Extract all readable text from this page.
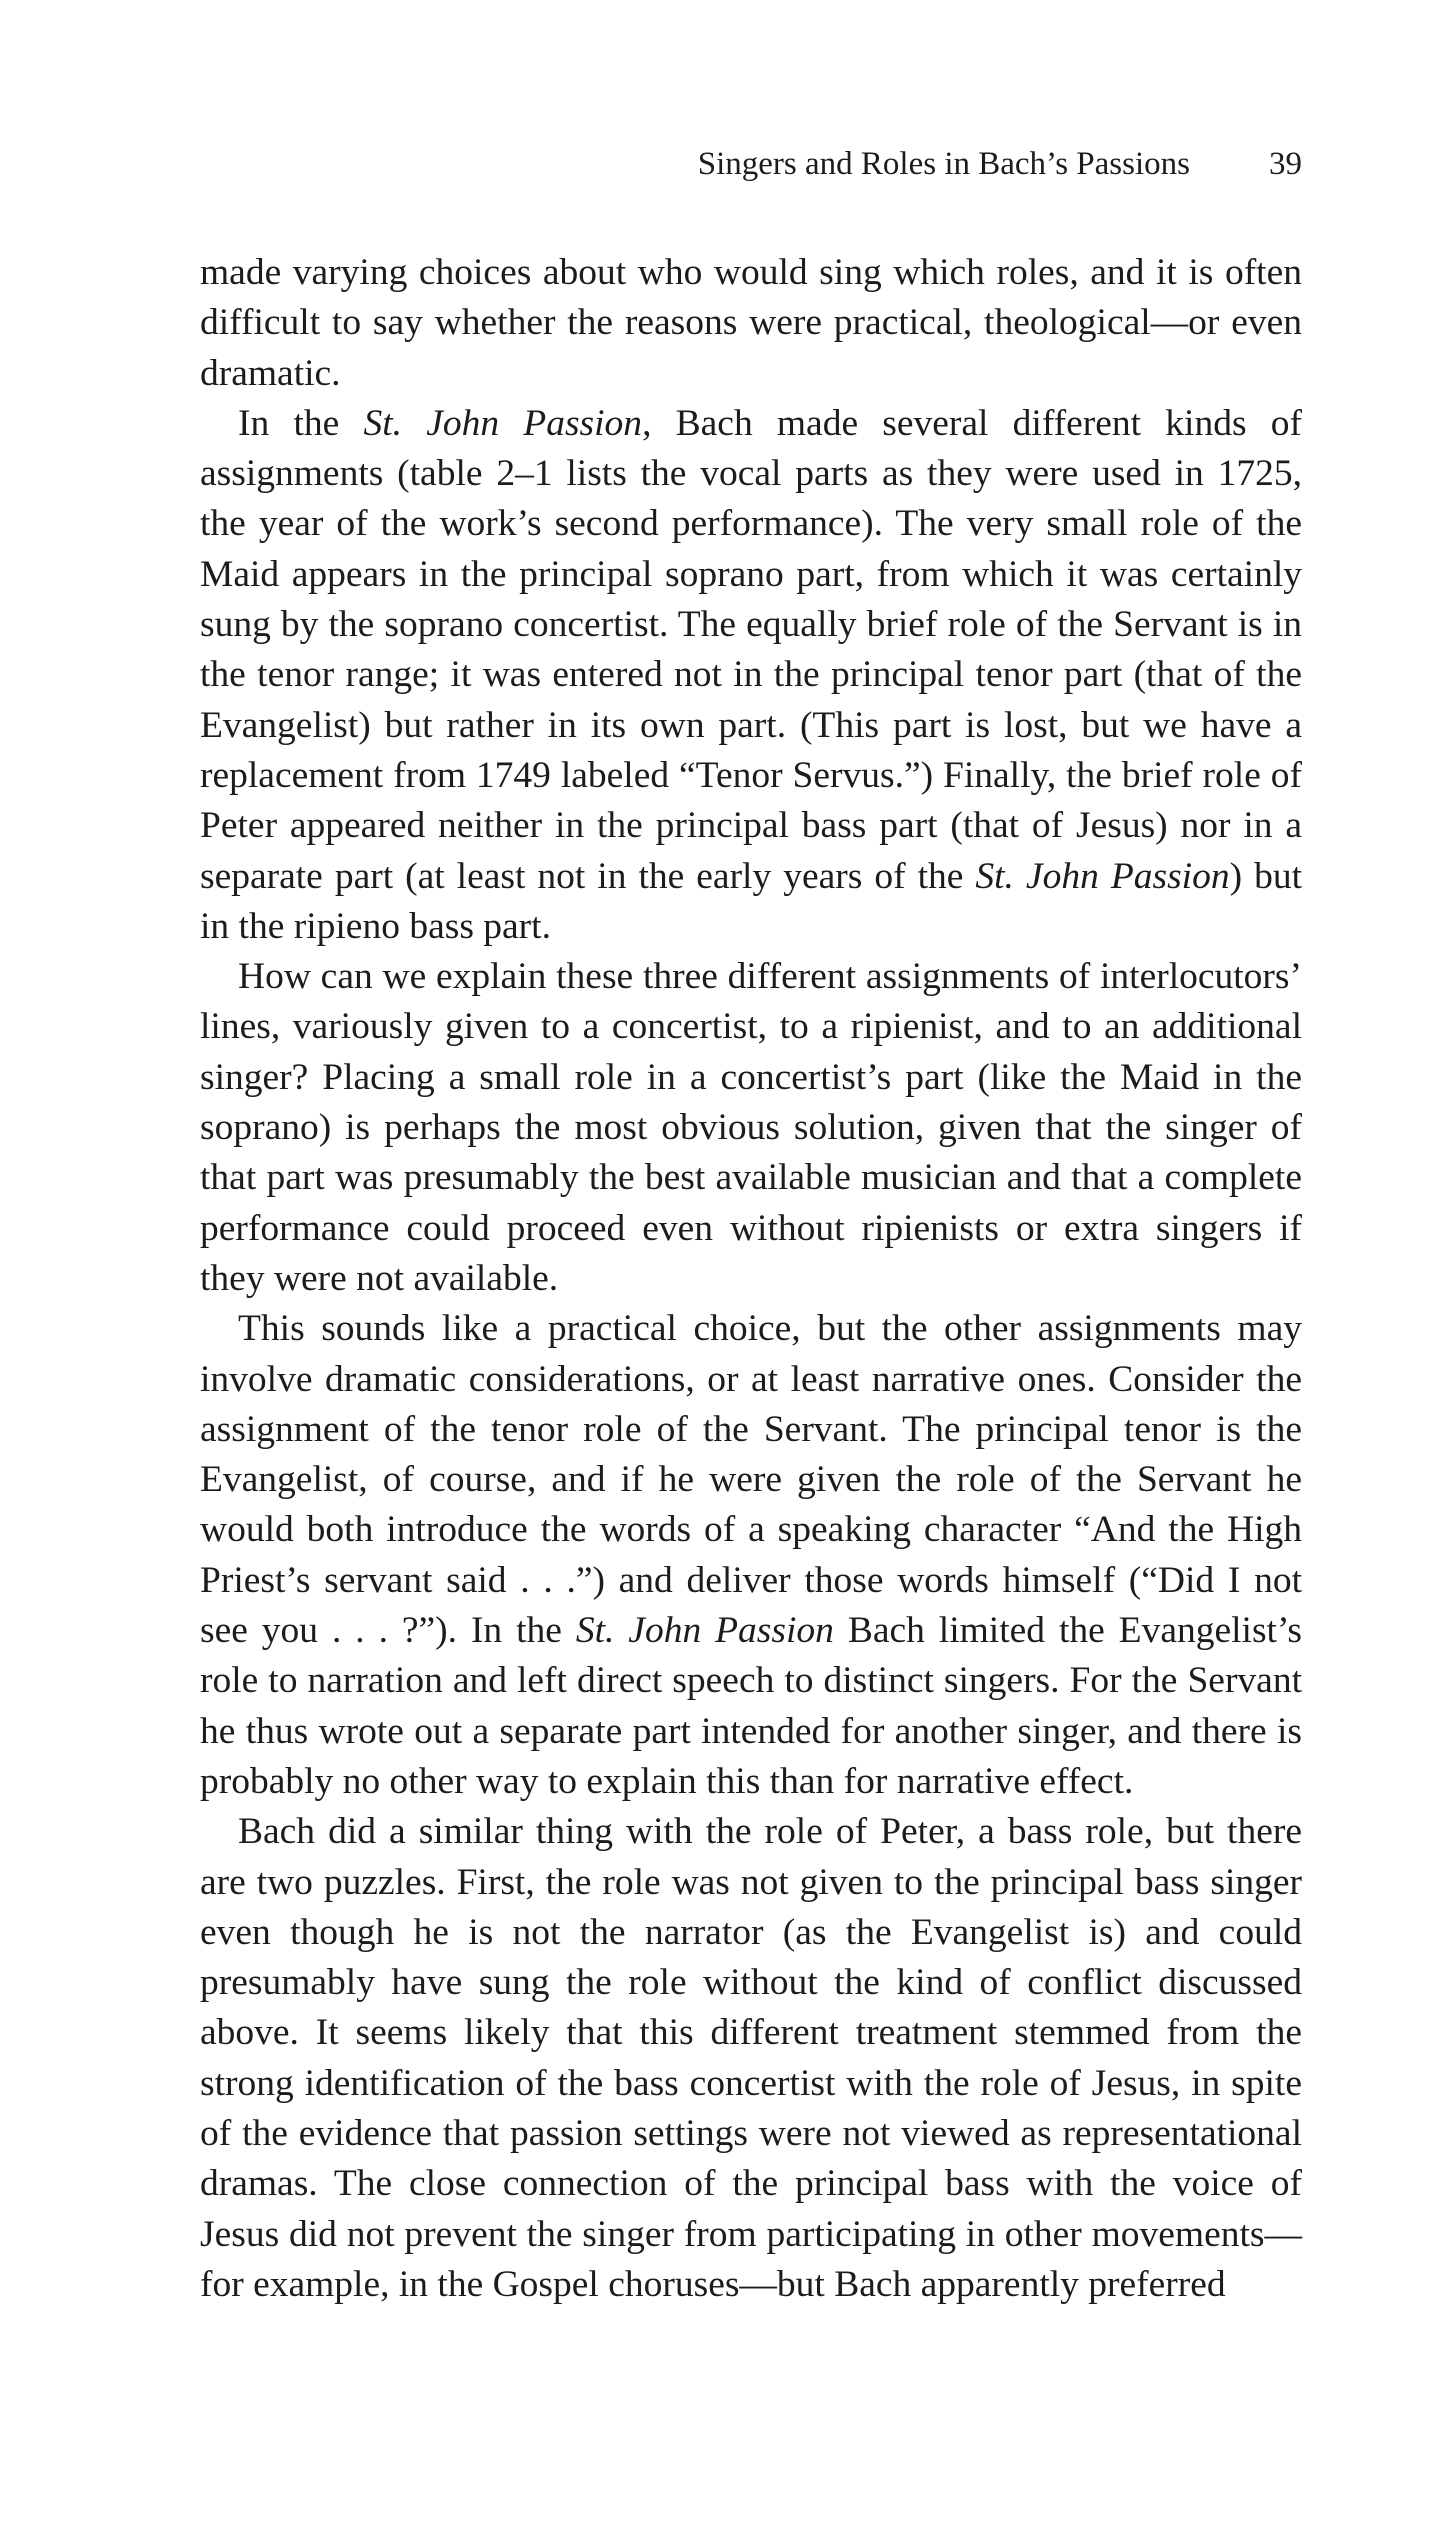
Singers and Roles in Bach’s Passions 39

made varying choices about who would sing which roles, and it is often difficult to say whether the reasons were practical, theological—or even dramatic.

In the St. John Passion, Bach made several different kinds of assignments (table 2–1 lists the vocal parts as they were used in 1725, the year of the work’s second performance). The very small role of the Maid appears in the principal soprano part, from which it was certainly sung by the soprano concertist. The equally brief role of the Servant is in the tenor range; it was entered not in the principal tenor part (that of the Evangelist) but rather in its own part. (This part is lost, but we have a replacement from 1749 labeled “Tenor Servus.”) Finally, the brief role of Peter appeared neither in the principal bass part (that of Jesus) nor in a separate part (at least not in the early years of the St. John Passion) but in the ripieno bass part.

How can we explain these three different assignments of interlocutors’ lines, variously given to a concertist, to a ripienist, and to an additional singer? Placing a small role in a concertist’s part (like the Maid in the soprano) is perhaps the most obvious solution, given that the singer of that part was presumably the best available musician and that a complete performance could proceed even without ripienists or extra singers if they were not available.

This sounds like a practical choice, but the other assignments may involve dramatic considerations, or at least narrative ones. Consider the assignment of the tenor role of the Servant. The principal tenor is the Evangelist, of course, and if he were given the role of the Servant he would both introduce the words of a speaking character “And the High Priest’s servant said . . .”) and deliver those words himself (“Did I not see you . . . ?”). In the St. John Passion Bach limited the Evangelist’s role to narration and left direct speech to distinct singers. For the Servant he thus wrote out a separate part intended for another singer, and there is probably no other way to explain this than for narrative effect.

Bach did a similar thing with the role of Peter, a bass role, but there are two puzzles. First, the role was not given to the principal bass singer even though he is not the narrator (as the Evangelist is) and could presumably have sung the role without the kind of conflict discussed above. It seems likely that this different treatment stemmed from the strong identification of the bass concertist with the role of Jesus, in spite of the evidence that passion settings were not viewed as representational dramas. The close connection of the principal bass with the voice of Jesus did not prevent the singer from participating in other movements—for example, in the Gospel choruses—but Bach apparently preferred
